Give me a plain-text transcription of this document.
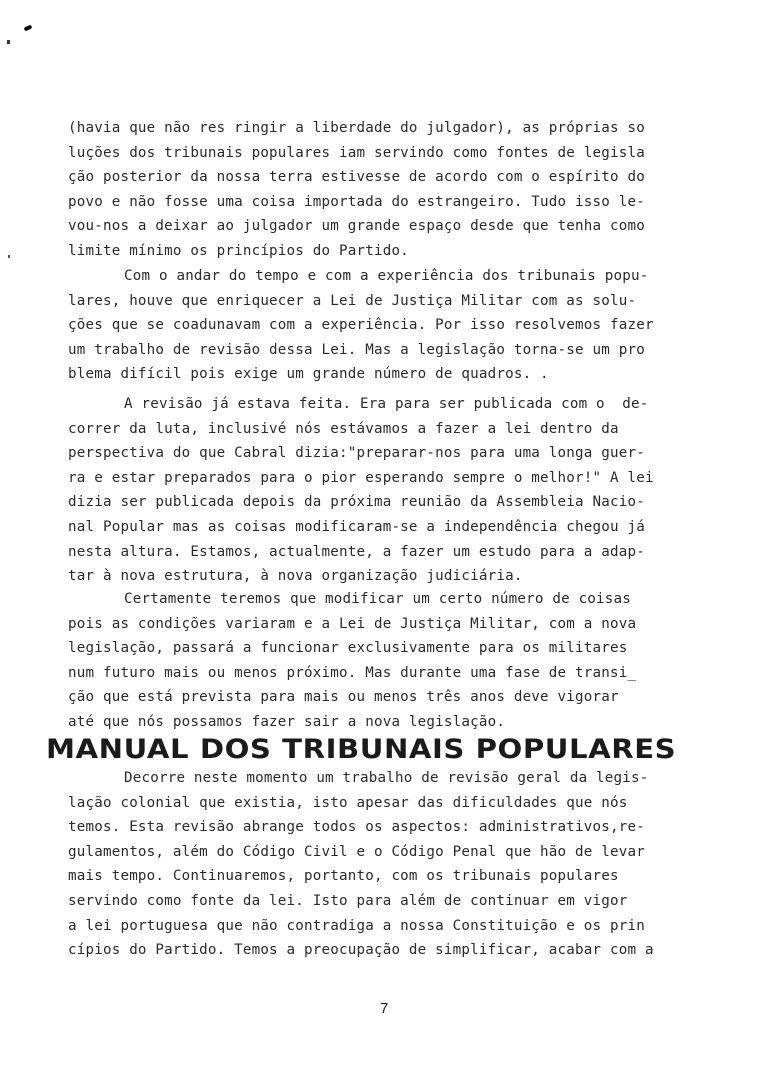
(havia que não res ringir a liberdade do julgador), as próprias so
luções dos tribunais populares iam servindo como fontes de legisla
ção posterior da nossa terra estivesse de acordo com o espírito do
povo e não fosse uma coisa importada do estrangeiro. Tudo isso le-
vou-nos a deixar ao julgador um grande espaço desde que tenha como
limite mínimo os princípios do Partido.
Com o andar do tempo e com a experiência dos tribunais popu-
lares, houve que enriquecer a Lei de Justiça Militar com as solu-
ções que se coadunavam com a experiência. Por isso resolvemos fazer
um trabalho de revisão dessa Lei. Mas a legislação torna-se um pro
blema difícil pois exige um grande número de quadros. .
A revisão já estava feita. Era para ser publicada com o  de-
correr da luta, inclusivé nós estávamos a fazer a lei dentro da
perspectiva do que Cabral dizia:"preparar-nos para uma longa guer-
ra e estar preparados para o pior esperando sempre o melhor!" A lei
dizia ser publicada depois da próxima reunião da Assembleia Nacio-
nal Popular mas as coisas modificaram-se a independência chegou já
nesta altura. Estamos, actualmente, a fazer um estudo para a adap-
tar à nova estrutura, à nova organização judiciária.
Certamente teremos que modificar um certo número de coisas
pois as condições variaram e a Lei de Justiça Militar, com a nova
legislação, passará a funcionar exclusivamente para os militares
num futuro mais ou menos próximo. Mas durante uma fase de transi_
ção que está prevista para mais ou menos três anos deve vigorar
até que nós possamos fazer sair a nova legislação.
MANUAL DOS TRIBUNAIS POPULARES
Decorre neste momento um trabalho de revisão geral da legis-
lação colonial que existia, isto apesar das dificuldades que nós
temos. Esta revisão abrange todos os aspectos: administrativos,re-
gulamentos, além do Código Civil e o Código Penal que hão de levar
mais tempo. Continuaremos, portanto, com os tribunais populares
servindo como fonte da lei. Isto para além de continuar em vigor
a lei portuguesa que não contradiga a nossa Constituição e os prin
cípios do Partido. Temos a preocupação de simplificar, acabar com a
7
